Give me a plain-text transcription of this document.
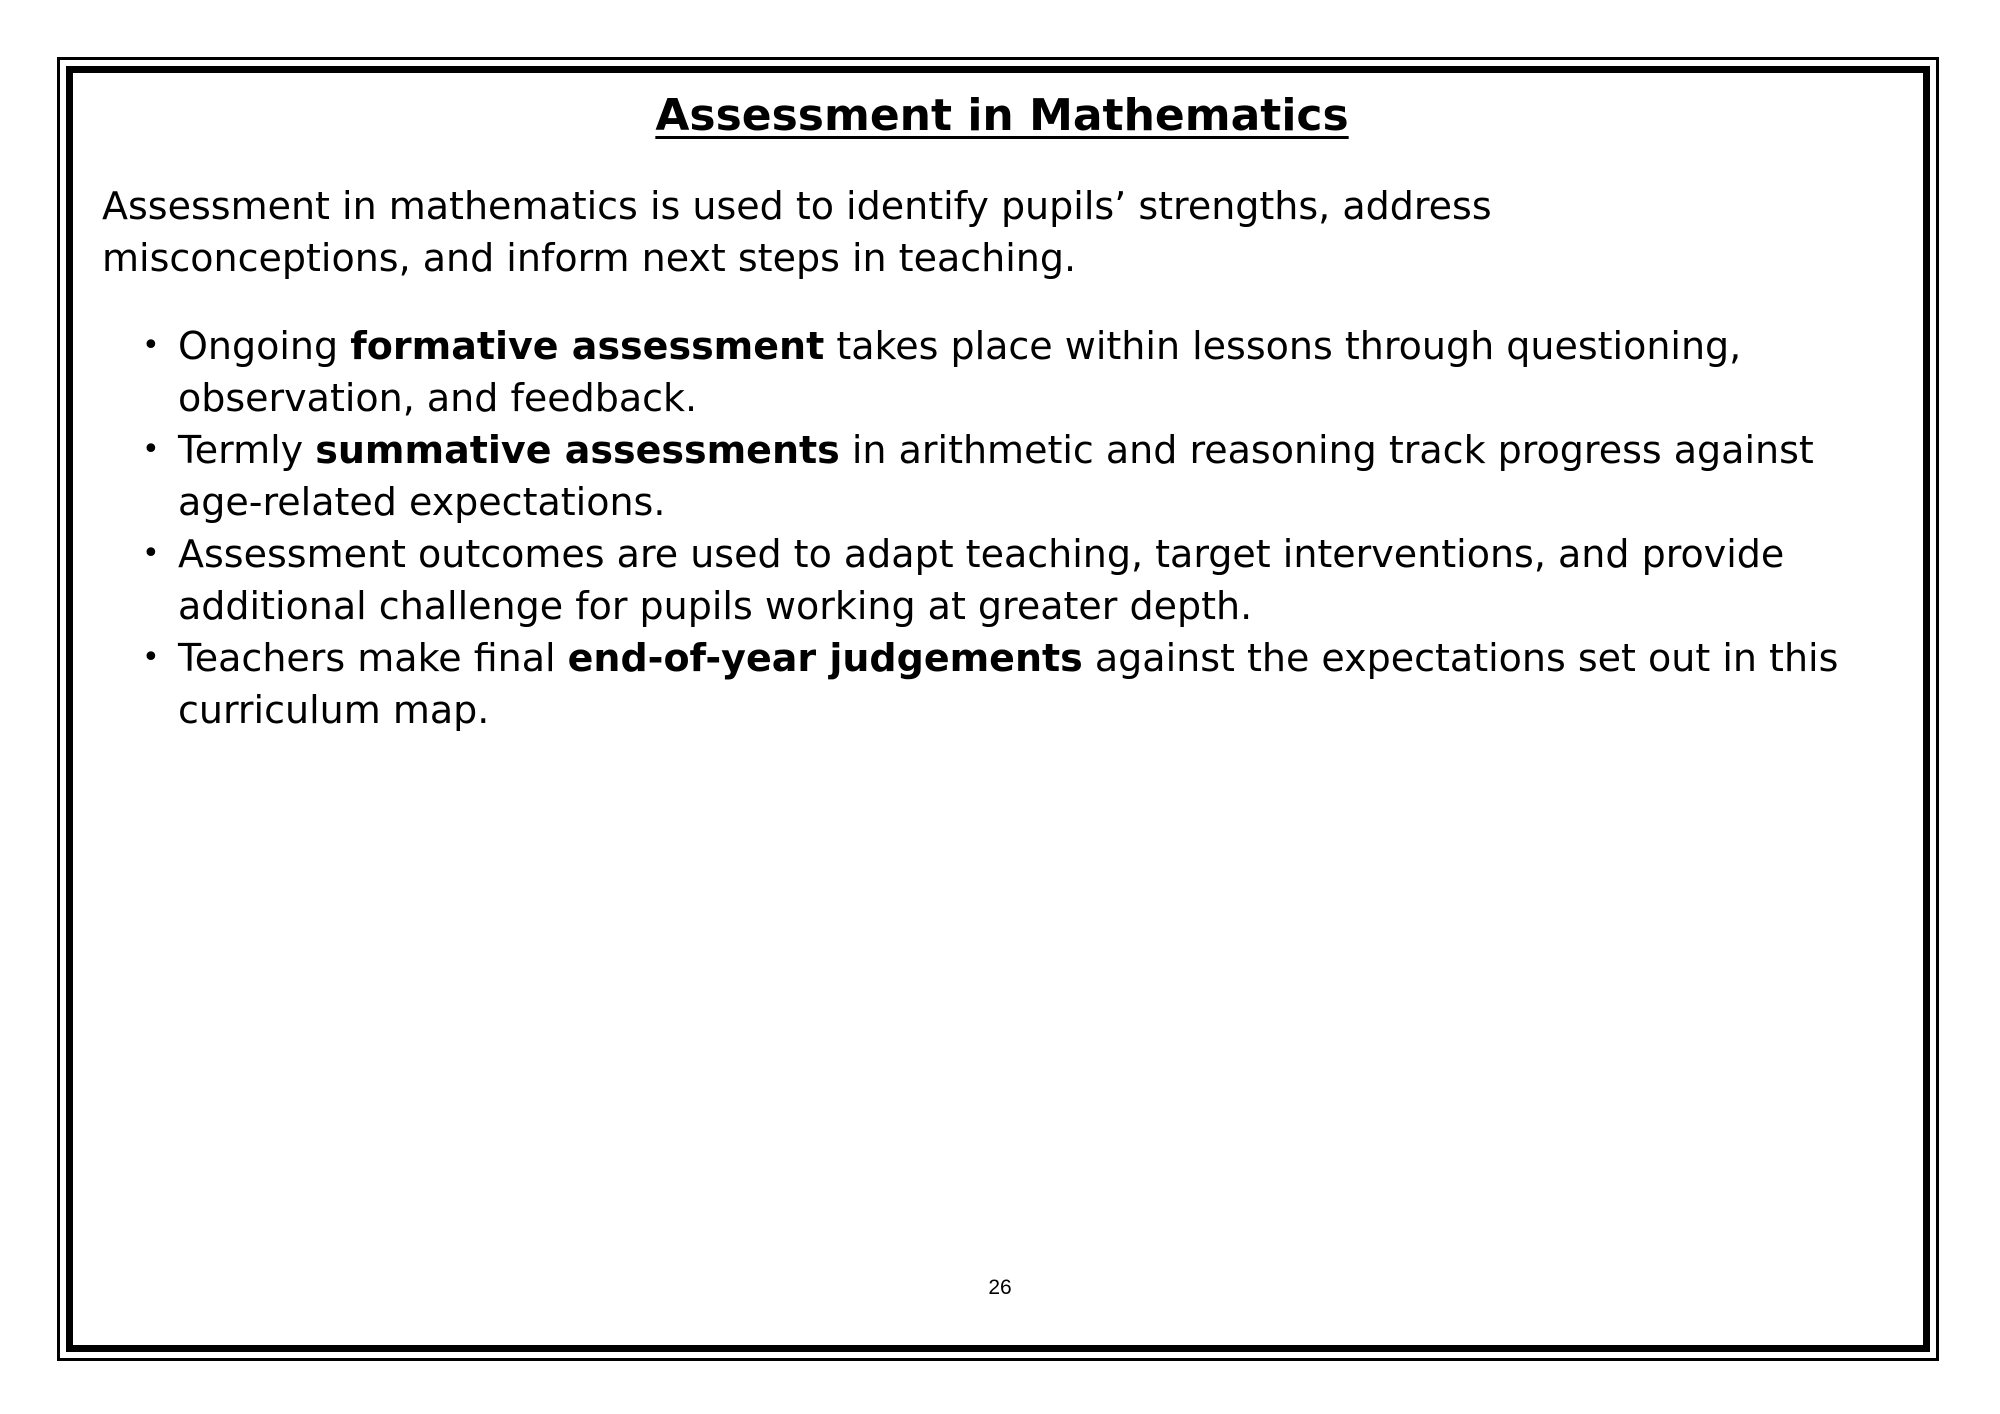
Assessment in Mathematics

Assessment in mathematics is used to identify pupils’ strengths, address misconceptions, and inform next steps in teaching.

• Ongoing formative assessment takes place within lessons through questioning, observation, and feedback.
• Termly summative assessments in arithmetic and reasoning track progress against age-related expectations.
• Assessment outcomes are used to adapt teaching, target interventions, and provide additional challenge for pupils working at greater depth.
• Teachers make final end-of-year judgements against the expectations set out in this curriculum map.
26
